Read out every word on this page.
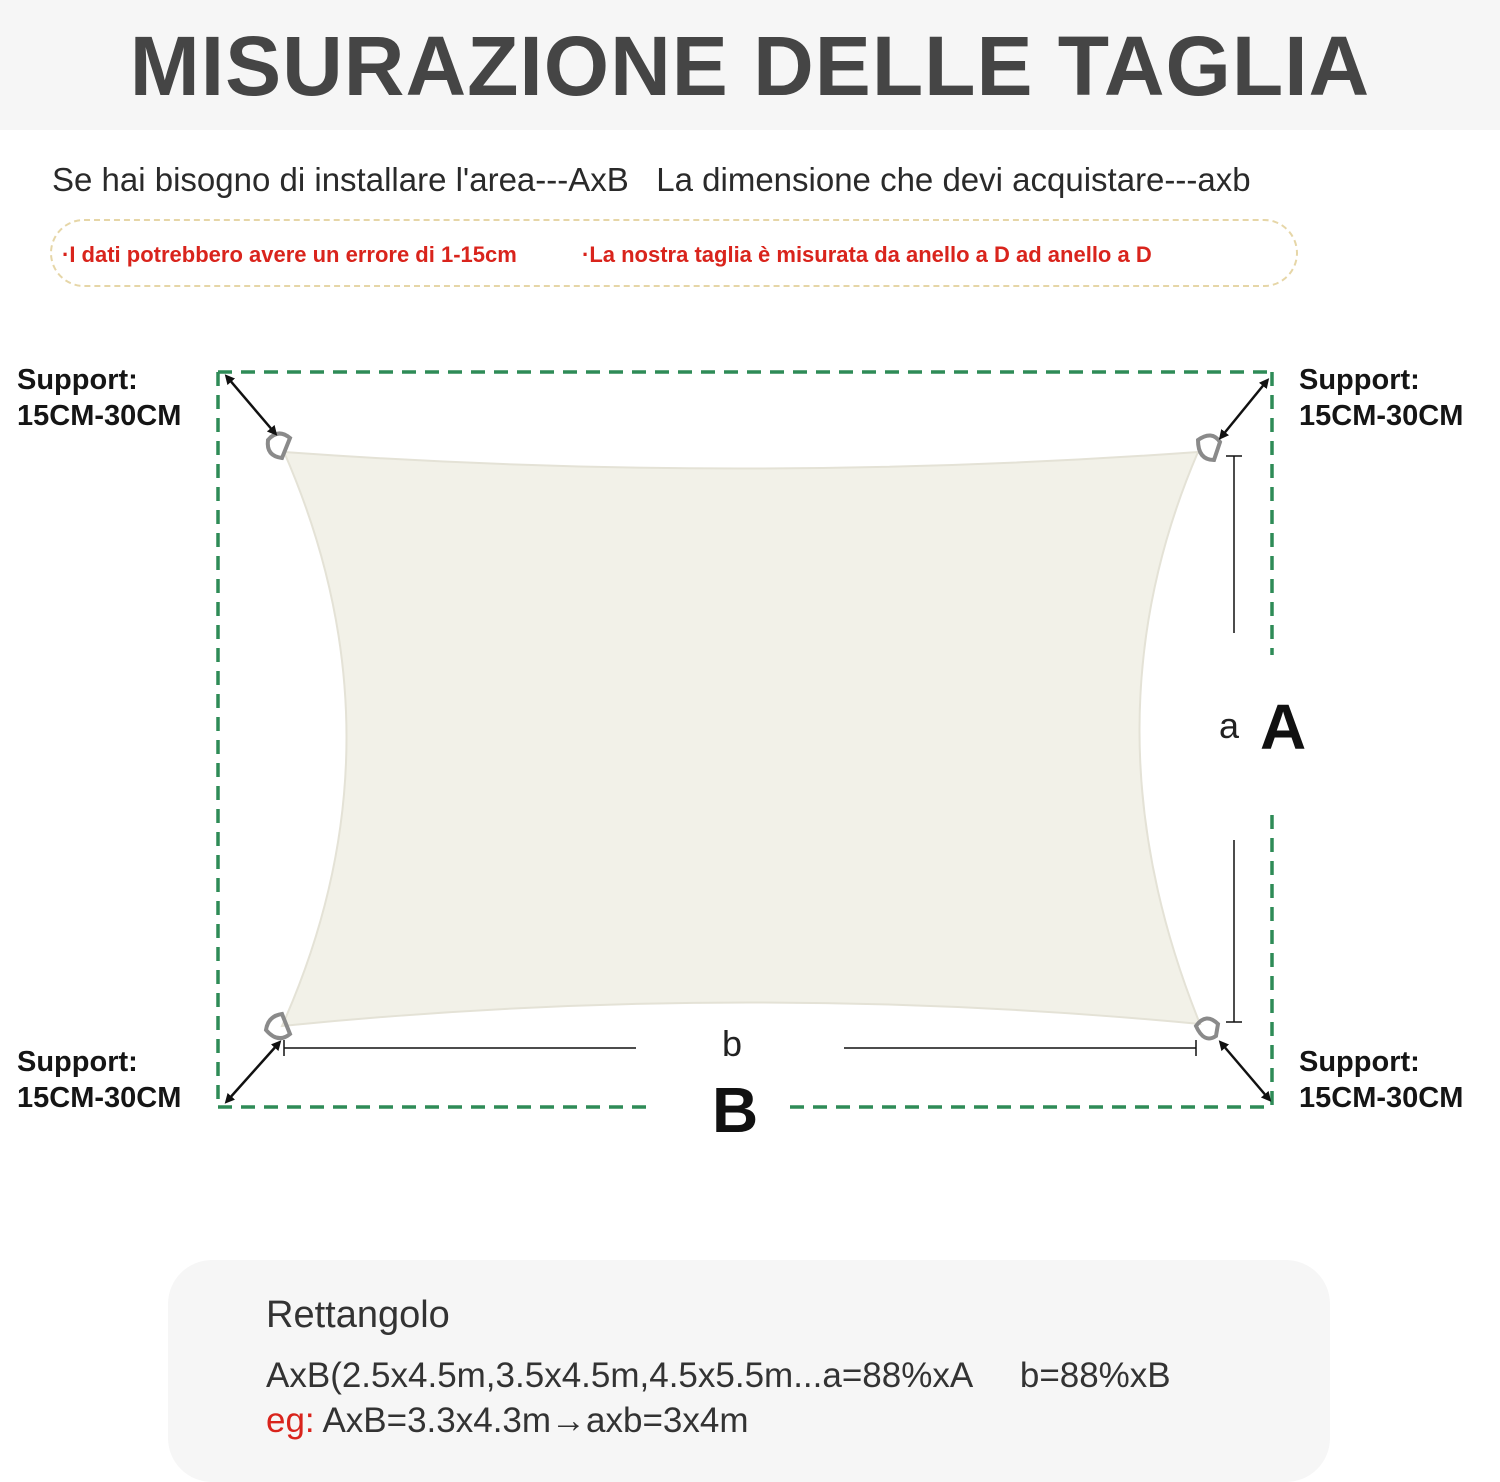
MISURAZIONE DELLE TAGLIA
Se hai bisogno di installare l'area---AxB   La dimensione che devi acquistare---axb
·I dati potrebbero avere un errore di 1-15cm	·La nostra taglia è misurata da anello a D ad anello a D
Support:
15CM-30CM
Support:
15CM-30CM
Support:
15CM-30CM
Support:
15CM-30CM
a A
b
B
Rettangolo
AxB(2.5x4.5m,3.5x4.5m,4.5x5.5m...a=88%xA     b=88%xB
eg: AxB=3.3x4.3m→axb=3x4m
